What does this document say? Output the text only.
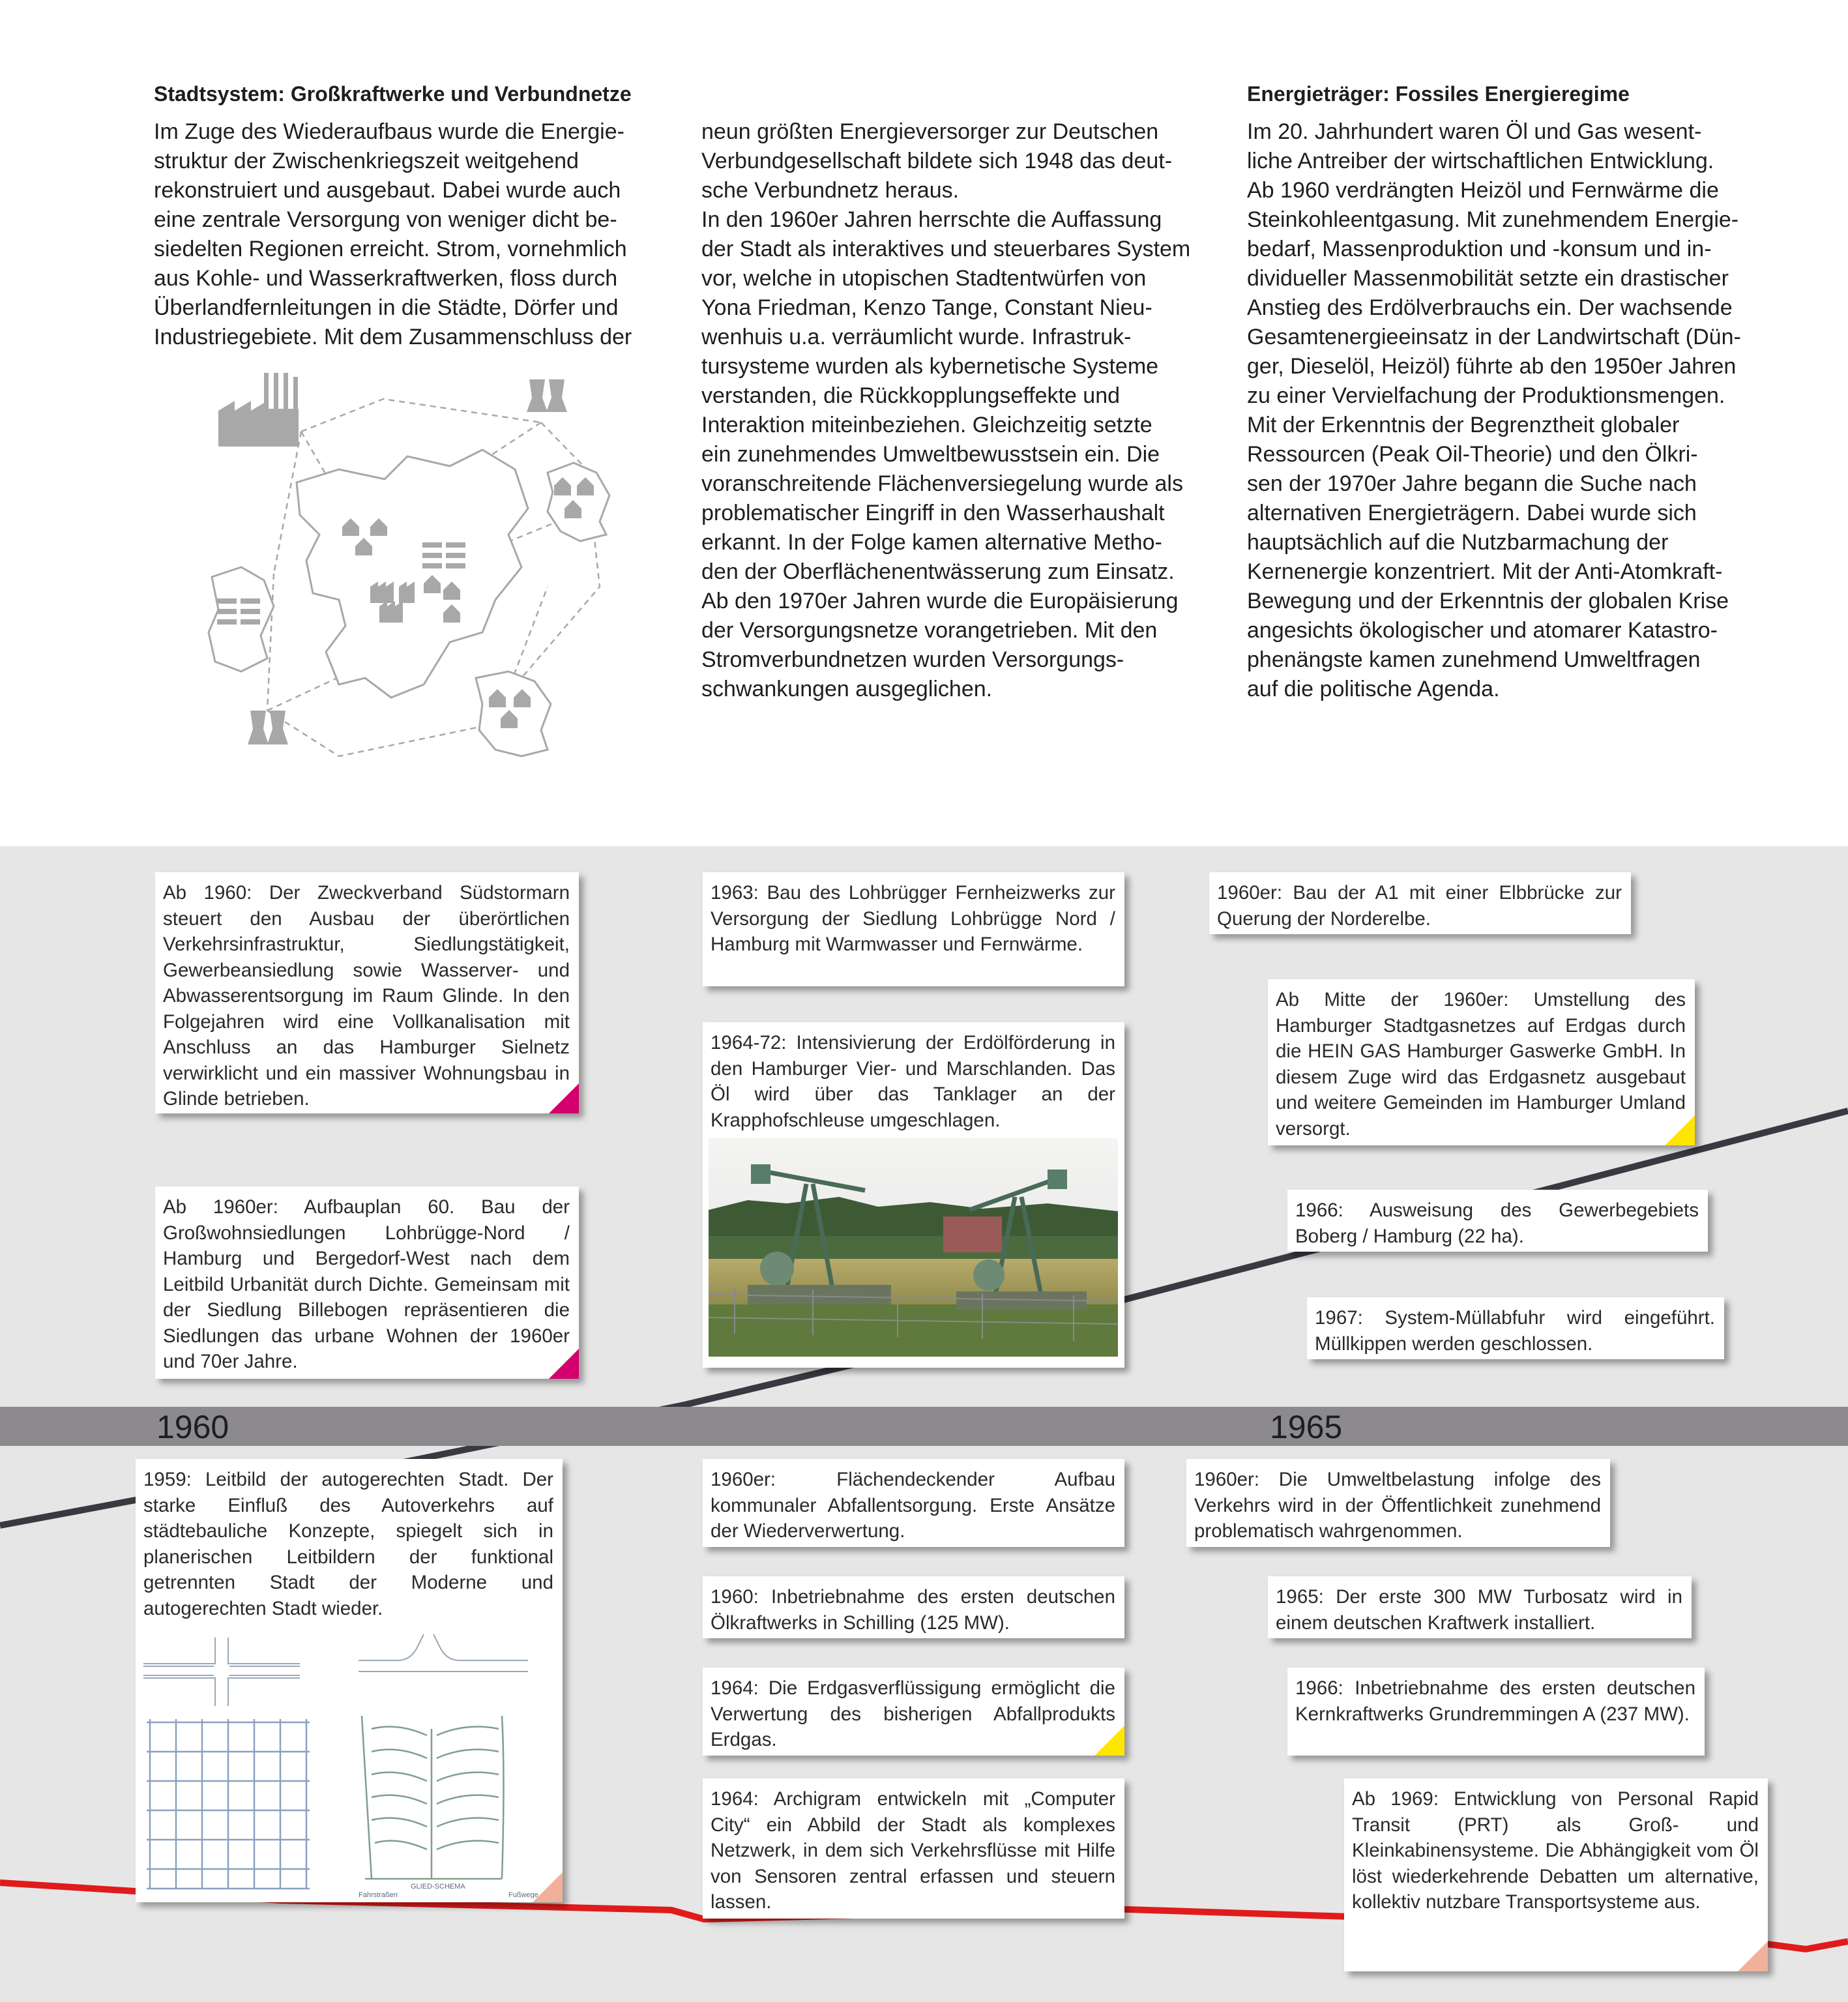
Stadtsystem: Großkraftwerke und Verbundnetze	Energieträger: Fossiles Energieregime

Im Zuge des Wiederaufbaus wurde die Energie-

struktur der Zwischenkriegszeit weitgehend

rekonstruiert und ausgebaut. Dabei wurde auch

eine zentrale Versorgung von weniger dicht be-

siedelten Regionen erreicht. Strom, vornehmlich

aus Kohle- und Wasserkraftwerken, floss durch

Überlandfernleitungen in die Städte, Dörfer und

Industriegebiete. Mit dem Zusammenschluss der

neun größten Energieversorger zur Deutschen

Verbundgesellschaft bildete sich 1948 das deut-

sche Verbundnetz heraus.

In den 1960er Jahren herrschte die Auffassung

der Stadt als interaktives und steuerbares System

vor, welche in utopischen Stadtentwürfen von

Yona Friedman, Kenzo Tange, Constant Nieu-

wenhuis u.a. verräumlicht wurde. Infrastruk-

tursysteme wurden als kybernetische Systeme

verstanden, die Rückkopplungseffekte und

Interaktion miteinbeziehen. Gleichzeitig setzte

ein zunehmendes Umweltbewusstsein ein. Die

voranschreitende Flächenversiegelung wurde als

problematischer Eingriff in den Wasserhaushalt

erkannt. In der Folge kamen alternative Metho-

den der Oberflächenentwässerung zum Einsatz.

Ab den 1970er Jahren wurde die Europäisierung

der Versorgungsnetze vorangetrieben. Mit den

Stromverbundnetzen wurden Versorgungs-

schwankungen ausgeglichen.

Im 20. Jahrhundert waren Öl und Gas wesent-

liche Antreiber der wirtschaftlichen Entwicklung.

Ab 1960 verdrängten Heizöl und Fernwärme die

Steinkohleentgasung. Mit zunehmendem Energie-

bedarf, Massenproduktion und -konsum und in-

dividueller Massenmobilität setzte ein drastischer

Anstieg des Erdölverbrauchs ein. Der wachsende

Gesamtenergieeinsatz in der Landwirtschaft (Dün-

ger, Dieselöl, Heizöl) führte ab den 1950er Jahren

zu einer Vervielfachung der Produktionsmengen.

Mit der Erkenntnis der Begrenztheit globaler

Ressourcen (Peak Oil-Theorie) und den Ölkri-

sen der 1970er Jahre begann die Suche nach

alternativen Energieträgern. Dabei wurde sich

hauptsächlich auf die Nutzbarmachung der

Kernenergie konzentriert. Mit der Anti-Atomkraft-

Bewegung und der Erkenntnis der globalen Krise

angesichts ökologischer und atomarer Katastro-

phenängste kamen zunehmend Umweltfragen

auf die politische Agenda.

1960	1965
Ab 1960: Der Zweckverband Südstormarn steuert den Ausbau der überörtlichen Verkehrsinfrastruktur, Siedlungstätigkeit, Gewerbeansiedlung sowie Wasserver- und Abwasserentsorgung im Raum Glinde. In den Folgejahren wird eine Vollkanalisation mit Anschluss an das Hamburger Sielnetz verwirklicht und ein massiver Wohnungsbau in Glinde betrieben.
Ab 1960er: Aufbauplan 60. Bau der Großwohnsiedlungen Lohbrügge-Nord / Hamburg und Bergedorf-West nach dem Leitbild Urbanität durch Dichte. Gemeinsam mit der Siedlung Billebogen repräsentieren die Siedlungen das urbane Wohnen der 1960er und 70er Jahre.
1963: Bau des Lohbrügger Fernheizwerks zur Versorgung der Siedlung Lohbrügge Nord / Hamburg mit Warmwasser und Fernwärme.
1964-72: Intensivierung der Erdölförderung in den Hamburger Vier- und Marschlanden. Das Öl wird über das Tanklager an der Krapphofschleuse umgeschlagen.
1960er: Bau der A1 mit einer Elbbrücke zur Querung der Norderelbe.
Ab Mitte der 1960er: Umstellung des Hamburger Stadtgasnetzes auf Erdgas durch die HEIN GAS Hamburger Gaswerke GmbH. In diesem Zuge wird das Erdgasnetz ausgebaut und weitere Gemeinden im Hamburger Umland versorgt.
1966: Ausweisung des Gewerbegebiets Boberg / Hamburg (22 ha).
1967: System-Müllabfuhr wird eingeführt. Müllkippen werden geschlossen.
1959: Leitbild der autogerechten Stadt. Der starke Einfluß des Autoverkehrs auf städtebauliche Konzepte, spiegelt sich in planerischen Leitbildern der funktional getrennten Stadt der Moderne und autogerechten Stadt wieder.
GLIED-SCHEMA
Fahrstraßen	Fußwege
1960er: Flächendeckender Aufbau kommunaler Abfallentsorgung. Erste Ansätze der Wiederverwertung.
1960: Inbetriebnahme des ersten deutschen Ölkraftwerks in Schilling (125 MW).
1964: Die Erdgasverflüssigung ermöglicht die Verwertung des bisherigen Abfallprodukts Erdgas.
1964: Archigram entwickeln mit „Computer City“ ein Abbild der Stadt als komplexes Netzwerk, in dem sich Verkehrsflüsse mit Hilfe von Sensoren zentral erfassen und steuern lassen.
1960er: Die Umweltbelastung infolge des Verkehrs wird in der Öffentlichkeit zunehmend problematisch wahrgenommen.
1965: Der erste 300 MW Turbosatz wird in einem deutschen Kraftwerk installiert.
1966: Inbetriebnahme des ersten deutschen Kernkraftwerks Grundremmingen A (237 MW).
Ab 1969: Entwicklung von Personal Rapid Transit (PRT) als Groß- und Kleinkabinensysteme. Die Abhängigkeit vom Öl löst wiederkehrende Debatten um alternative, kollektiv nutzbare Transportsysteme aus.
